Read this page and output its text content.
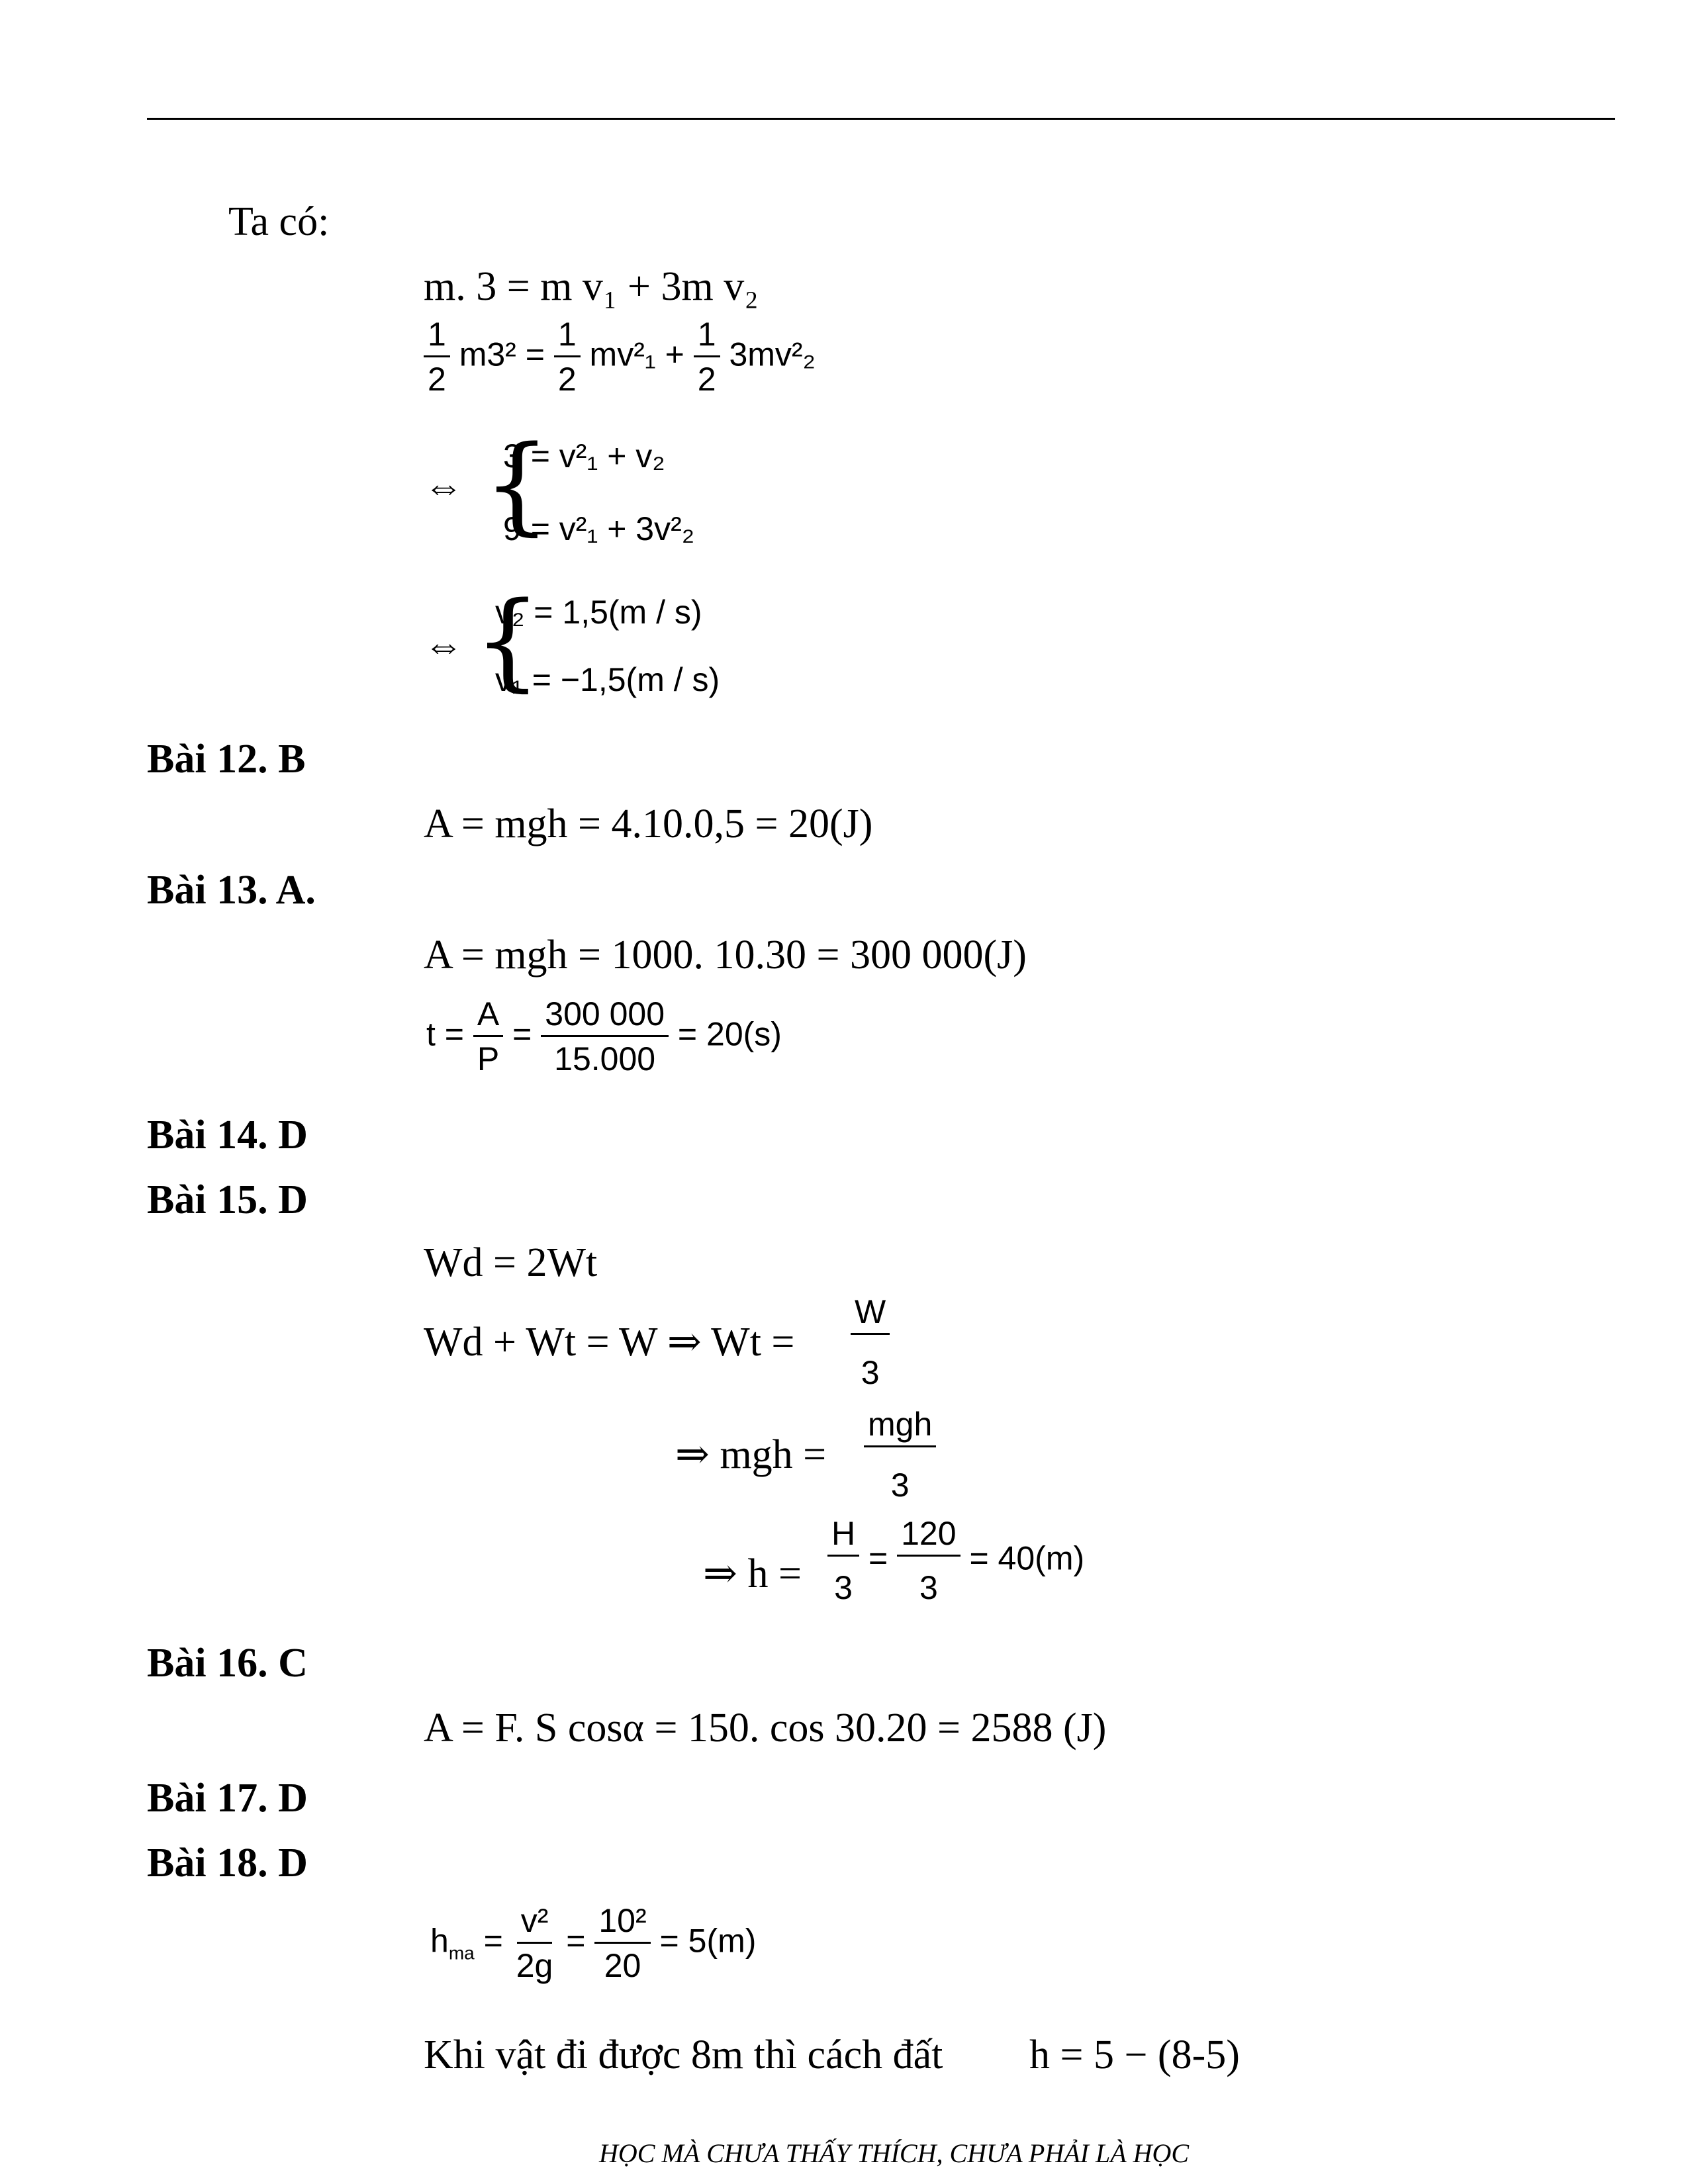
Ta có:
m. 3 = m v₁ + 3m v₂
$\frac{1}{2} m3^2 = \frac{1}{2} mv^2_1 + \frac{1}{2} 3mv^2_2$
⇔ {
3 = v²₁ + v₂
9 = v²₁ + 3v²₂
⇔ {
v₂ = 1,5(m / s)
v₁ = −1,5(m / s)
Bài 12. B
A = mgh = 4.10.0,5 = 20(J)
Bài 13. A.
A = mgh = 1000. 10.30 = 300 000(J)
$t = \frac{A}{P} = \frac{300 000}{15.000} = 20(s)$
Bài 14. D
Bài 15. D
Wd = 2Wt
Wd + Wt = W ⇒ $Wt = \frac{W}{3}$
⇒ mgh = $\frac{\text{mgh}}{3}$
⇒ $h = \frac{H}{3} = \frac{120}{3} = 40(m)$
Bài 16. C
A = F. S cosα = 150. cos 30.20 = 2588 (J)
Bài 17. D
Bài 18. D
$h_{ma} = \frac{\text{v²}}{2g} = \frac{\text{10²}}{20} = 5(m)$
Khi vật đi được 8m thì cách đất h = 5 − (8-5)
HỌC MÀ CHƯA THẤY THÍCH, CHƯA PHẢI LÀ HỌC
